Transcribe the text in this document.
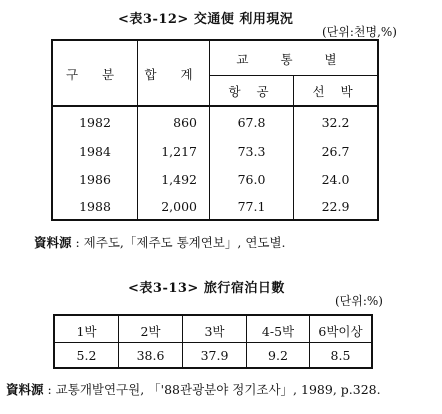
<表3-12> 交通便 利用現況
(단위:천명,%)
구 분	합 계
교 통 별
항 공	선 박
1982	860	67.8	32.2
1984	1,217	73.3	26.7
1986	1,492	76.0	24.0
1988	2,000	77.1	22.9
資料源 : 제주도,「제주도 통계연보」, 연도별.
<表3-13> 旅行宿泊日數
(단위:%)
1박	2박	3박	4-5박	6박이상
5.2	38.6	37.9	9.2	8.5
資料源 : 교통개발연구원, 「'88관광분야 정기조사」, 1989, p.328.
